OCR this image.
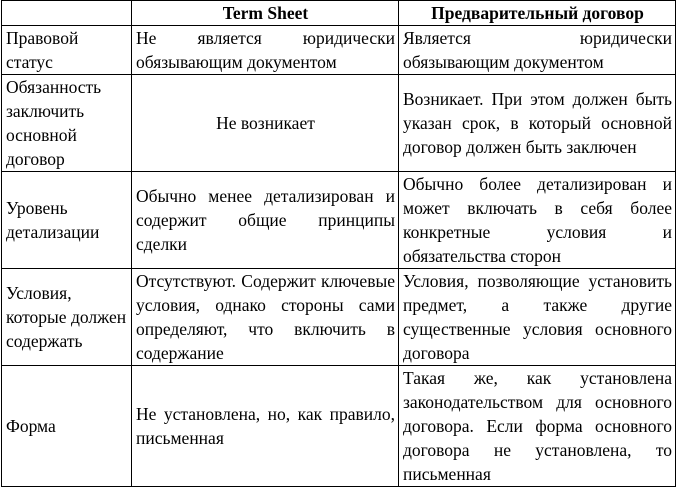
	Term Sheet	Предварительный договор
Правовой статус	Не является юридически обязывающим документом	Является юридически обязывающим документом
Обязанность заключить основной договор	Не возникает	Возникает. При этом должен быть указан срок, в который основной договор должен быть заключен
Уровень детализации	Обычно менее детализирован и содержит общие принципы сделки	Обычно более детализирован и может включать в себя более конкретные условия и обязательства сторон
Условия, которые должен содержать	Отсутствуют. Содержит ключевые условия, однако стороны сами определяют, что включить в содержание	Условия, позволяющие установить предмет, а также другие существенные условия основного договора
Форма	Не установлена, но, как правило, письменная	Такая же, как установлена законодательством для основного договора. Если форма основного договора не установлена, то письменная
